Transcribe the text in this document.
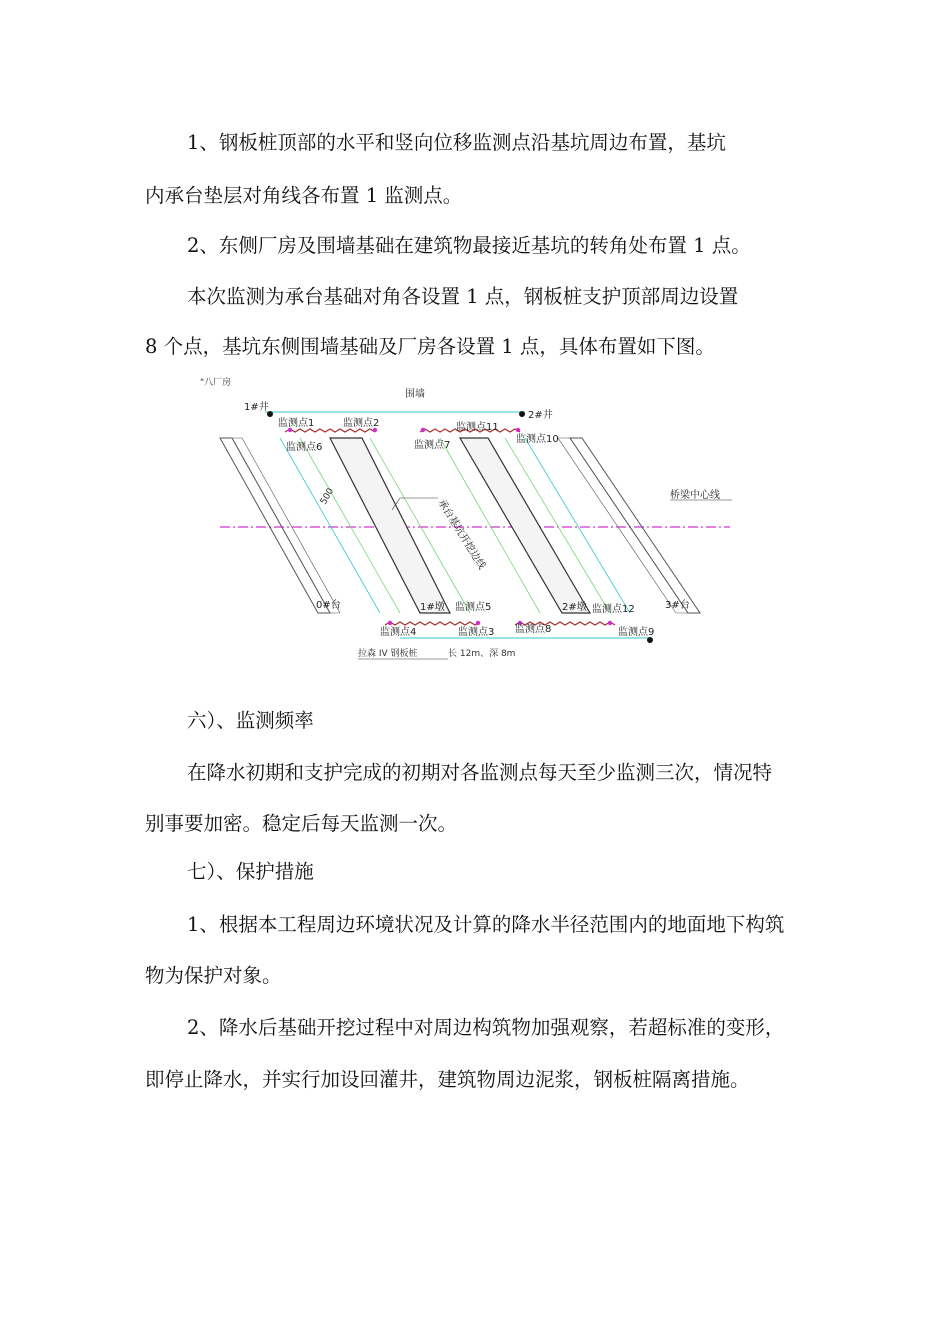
1、钢板桩顶部的水平和竖向位移监测点沿基坑周边布置，基坑
内承台垫层对角线各布置 1 监测点。
2、东侧厂房及围墙基础在建筑物最接近基坑的转角处布置 1 点。
本次监测为承台基础对角各设置 1 点，钢板桩支护顶部周边设置
8 个点，基坑东侧围墙基础及厂房各设置 1 点，具体布置如下图。
"八厂房
围墙
1#井
2#井
桥梁中心线
承台基坑开挖边线
500
0#台	3#台
1#墩	2#墩
监测点1	监测点2
监测点3
监测点4
监测点5
监测点6	监测点7
监测点8	监测点9
监测点10
监测点11
监测点12
拉森 IV 钢板桩	长 12m、深 8m
六）、监测频率
在降水初期和支护完成的初期对各监测点每天至少监测三次，情况特
别事要加密。稳定后每天监测一次。
七）、保护措施
1、根据本工程周边环境状况及计算的降水半径范围内的地面地下构筑
物为保护对象。
2、降水后基础开挖过程中对周边构筑物加强观察，若超标准的变形，
即停止降水，并实行加设回灌井，建筑物周边泥浆，钢板桩隔离措施。
